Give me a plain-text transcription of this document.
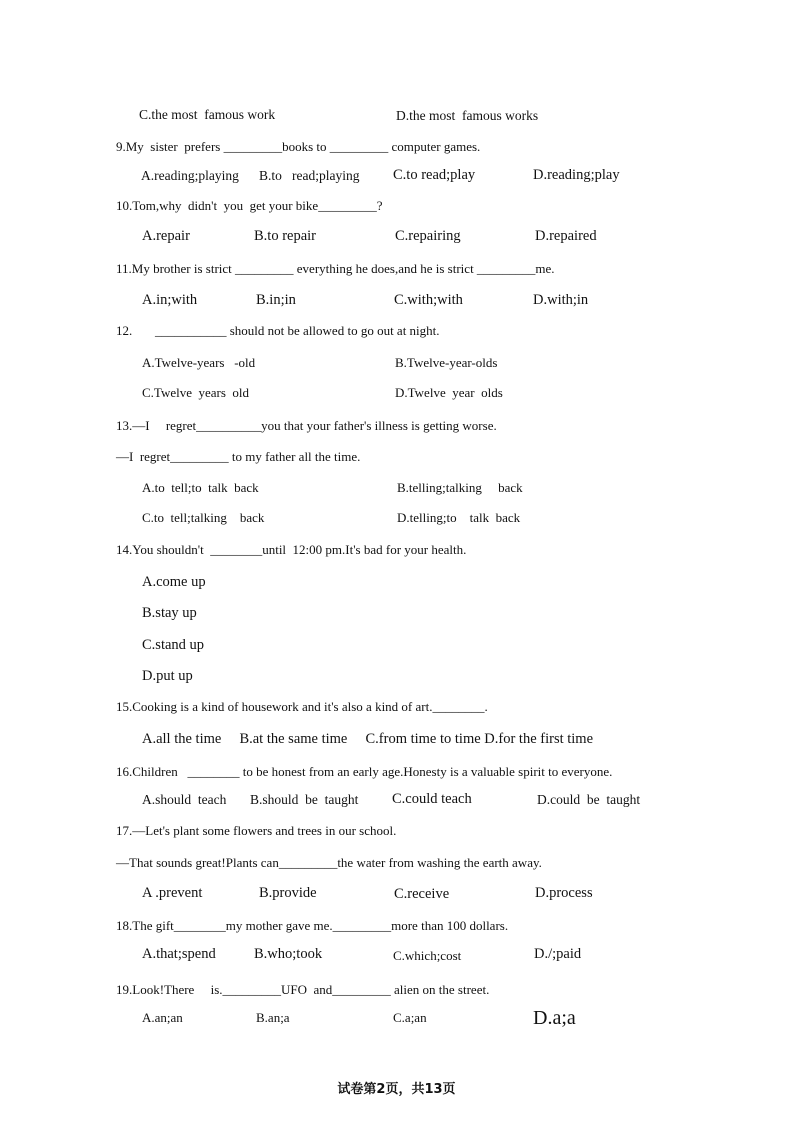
C.the most  famous work	D.the most  famous works
9.My  sister  prefers _________books to _________ computer games.
A.reading;playing B.to   read;playing C.to read;play	D.reading;play
10.Tom,why  didn't  you  get your bike_________?
A.repair	B.to repair	C.repairing	D.repaired
11.My brother is strict _________ everything he does,and he is strict _________me.
A.in;with	B.in;in	C.with;with	D.with;in
12.       ___________ should not be allowed to go out at night.
A.Twelve-years   -old	B.Twelve-year-olds
C.Twelve  years  old	D.Twelve  year  olds
13.—I     regret__________you that your father's illness is getting worse.
—I  regret_________ to my father all the time.
A.to  tell;to  talk  back	B.telling;talking     back
C.to  tell;talking    back	D.telling;to    talk  back
14.You shouldn't  ________until  12:00 pm.It's bad for your health.
A.come up
B.stay up
C.stand up
D.put up
15.Cooking is a kind of housework and it's also a kind of art.________.
A.all the time     B.at the same time     C.from time to time D.for the first time
16.Children   ________ to be honest from an early age.Honesty is a valuable spirit to everyone.
A.should  teach B.should  be  taught C.could teach	D.could  be  taught
17.—Let's plant some flowers and trees in our school.
—That sounds great!Plants can_________the water from washing the earth away.
A .prevent	B.provide	C.receive	D.process
18.The gift________my mother gave me._________more than 100 dollars.
A.that;spend	B.who;took	C.which;cost	D./;paid
19.Look!There     is._________UFO  and_________ alien on the street.
A.an;an	B.an;a	C.a;an	D.a;a
试卷第2页，共13页
